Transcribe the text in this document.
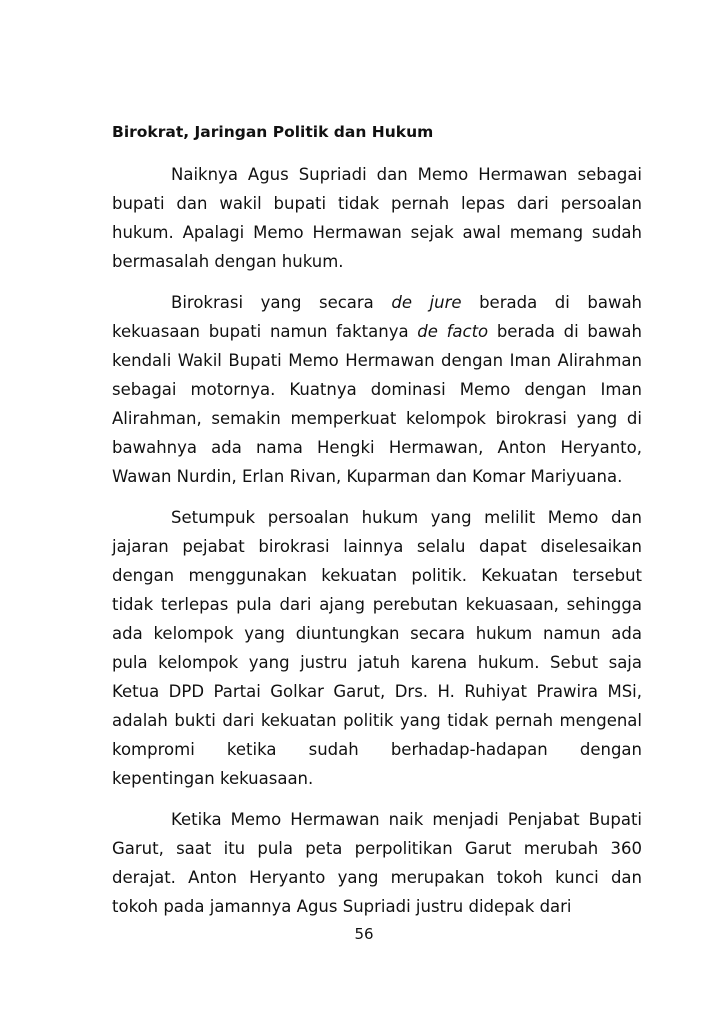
Birokrat, Jaringan Politik dan Hukum

Naiknya Agus Supriadi dan Memo Hermawan sebagai bupati dan wakil bupati tidak pernah lepas dari persoalan hukum. Apalagi Memo Hermawan sejak awal memang sudah bermasalah dengan hukum.

Birokrasi yang secara de jure berada di bawah kekuasaan bupati namun faktanya de facto berada di bawah kendali Wakil Bupati Memo Hermawan dengan Iman Alirahman sebagai motornya. Kuatnya dominasi Memo dengan Iman Alirahman, semakin memperkuat kelompok birokrasi yang di bawahnya ada nama Hengki Hermawan, Anton Heryanto, Wawan Nurdin, Erlan Rivan, Kuparman dan Komar Mariyuana.

Setumpuk persoalan hukum yang melilit Memo dan jajaran pejabat birokrasi lainnya selalu dapat diselesaikan dengan menggunakan kekuatan politik. Kekuatan tersebut tidak terlepas pula dari ajang perebutan kekuasaan, sehingga ada kelompok yang diuntungkan secara hukum namun ada pula kelompok yang justru jatuh karena hukum. Sebut saja Ketua DPD Partai Golkar Garut, Drs. H. Ruhiyat Prawira MSi, adalah bukti dari kekuatan politik yang tidak pernah mengenal kompromi ketika sudah berhadap-hadapan dengan kepentingan kekuasaan.

Ketika Memo Hermawan naik menjadi Penjabat Bupati Garut, saat itu pula peta perpolitikan Garut merubah 360 derajat. Anton Heryanto yang merupakan tokoh kunci dan tokoh pada jamannya Agus Supriadi justru didepak dari

56
